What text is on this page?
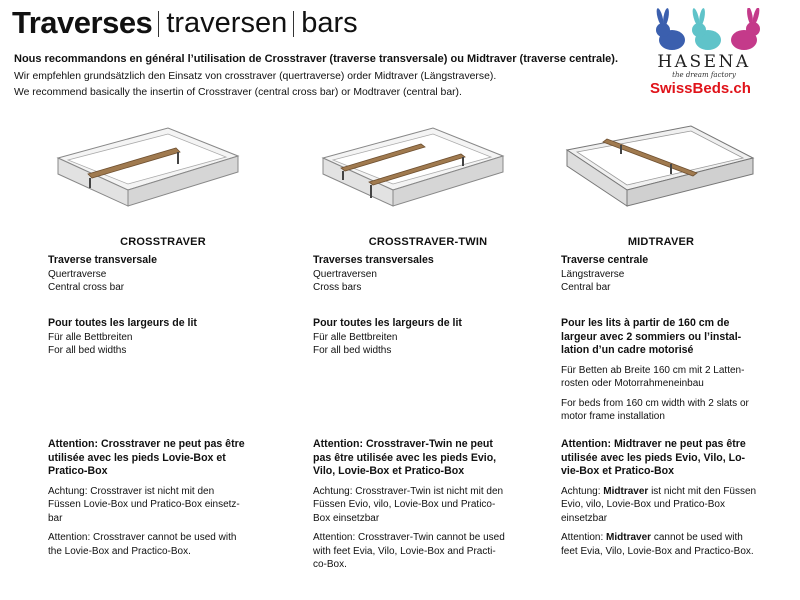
Traverses traversen bars

Nous recommandons en général l’utilisation de Crosstraver (traverse transversale) ou Midtraver (traverse centrale).

Wir empfehlen grundsätzlich den Einsatz von crosstraver (quertraverse) order Midtraver (Längstraverse).

We recommend basically the insertin of Crosstraver (central cross bar) or Modtraver (central bar).

HASENA
the dream factory
SwissBeds.ch
CROSSTRAVER

Traverse transversale

Quertraverse

Central cross bar

Pour toutes les largeurs de lit

Für alle Bettbreiten

For all bed widths

Attention: Crosstraver ne peut pas être utilisée avec les pieds Lovie-Box et Pratico-Box

Achtung: Crosstraver ist nicht mit den Füssen Lovie-Box und Pratico-Box einsetz-bar

Attention: Crosstraver cannot be used with the Lovie-Box and Practico-Box.

CROSSTRAVER-TWIN

Traverses transversales

Quertraversen

Cross bars

Pour toutes les largeurs de lit

Für alle Bettbreiten

For all bed widths

Attention: Crosstraver-Twin ne peut pas être utilisée avec les pieds Evio, Vilo, Lovie-Box et Pratico-Box

Achtung: Crosstraver-Twin ist nicht mit den Füssen Evio, vilo, Lovie-Box und Pratico-Box einsetzbar

Attention: Crosstraver-Twin cannot be used with feet Evia, Vilo, Lovie-Box and Practi-co-Box.

MIDTRAVER

Traverse centrale

Längstraverse

Central bar

Pour les lits à partir de 160 cm de largeur avec 2 sommiers ou l’instal-lation d’un cadre motorisé

Für Betten ab Breite 160 cm mit 2 Latten-rosten oder Motorrahmeneinbau

For beds from 160 cm width with 2 slats or motor frame installation

Attention: Midtraver ne peut pas être utilisée avec les pieds Evio, Vilo, Lo-vie-Box et Pratico-Box

Achtung: Midtraver ist nicht mit den Füssen Evio, vilo, Lovie-Box und Pratico-Box einsetzbar

Attention: Midtraver cannot be used with feet Evia, Vilo, Lovie-Box and Practico-Box.
